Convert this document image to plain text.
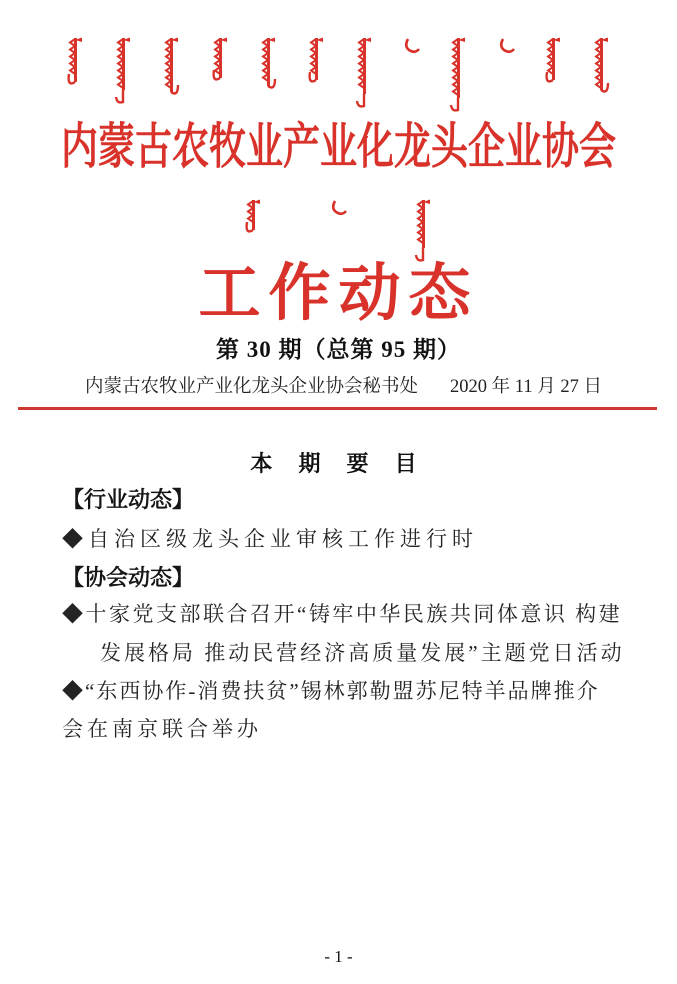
内蒙古农牧业产业化龙头企业协会
工作动态
第 30 期（总第 95 期）
内蒙古农牧业产业化龙头企业协会秘书处 2020 年 11 月 27 日
本 期 要 目
【行业动态】
◆自治区级龙头企业审核工作进行时
【协会动态】
◆十家党支部联合召开“铸牢中华民族共同体意识 构建
发展格局 推动民营经济高质量发展”主题党日活动
◆“东西协作-消费扶贫”锡林郭勒盟苏尼特羊品牌推介
会在南京联合举办
- 1 -
